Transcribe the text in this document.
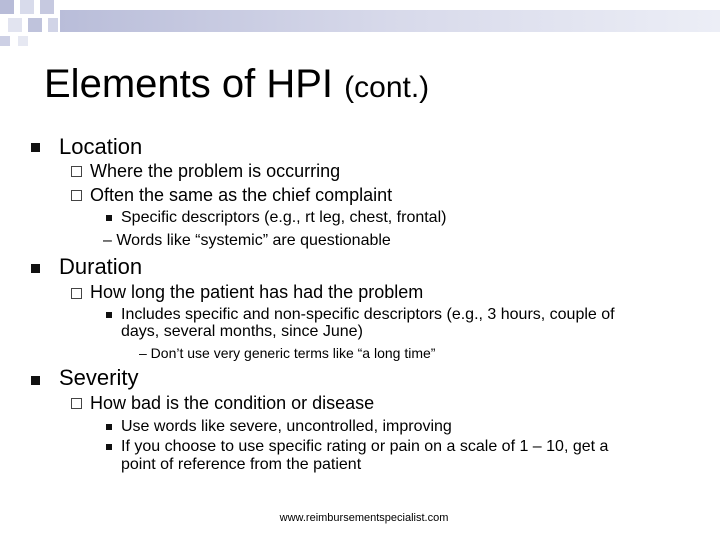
Elements of HPI (cont.)
Location
Where the problem is occurring
Often the same as the chief complaint
Specific descriptors (e.g., rt leg, chest, frontal)
– Words like “systemic” are questionable
Duration
How long the patient has had the problem
Includes specific and non-specific descriptors (e.g., 3 hours, couple of
days, several months, since June)
– Don’t use very generic terms like “a long time”
Severity
How bad is the condition or disease
Use words like severe, uncontrolled, improving
If you choose to use specific rating or pain on a scale of 1 – 10, get a
point of reference from the patient
www.reimbursementspecialist.com
